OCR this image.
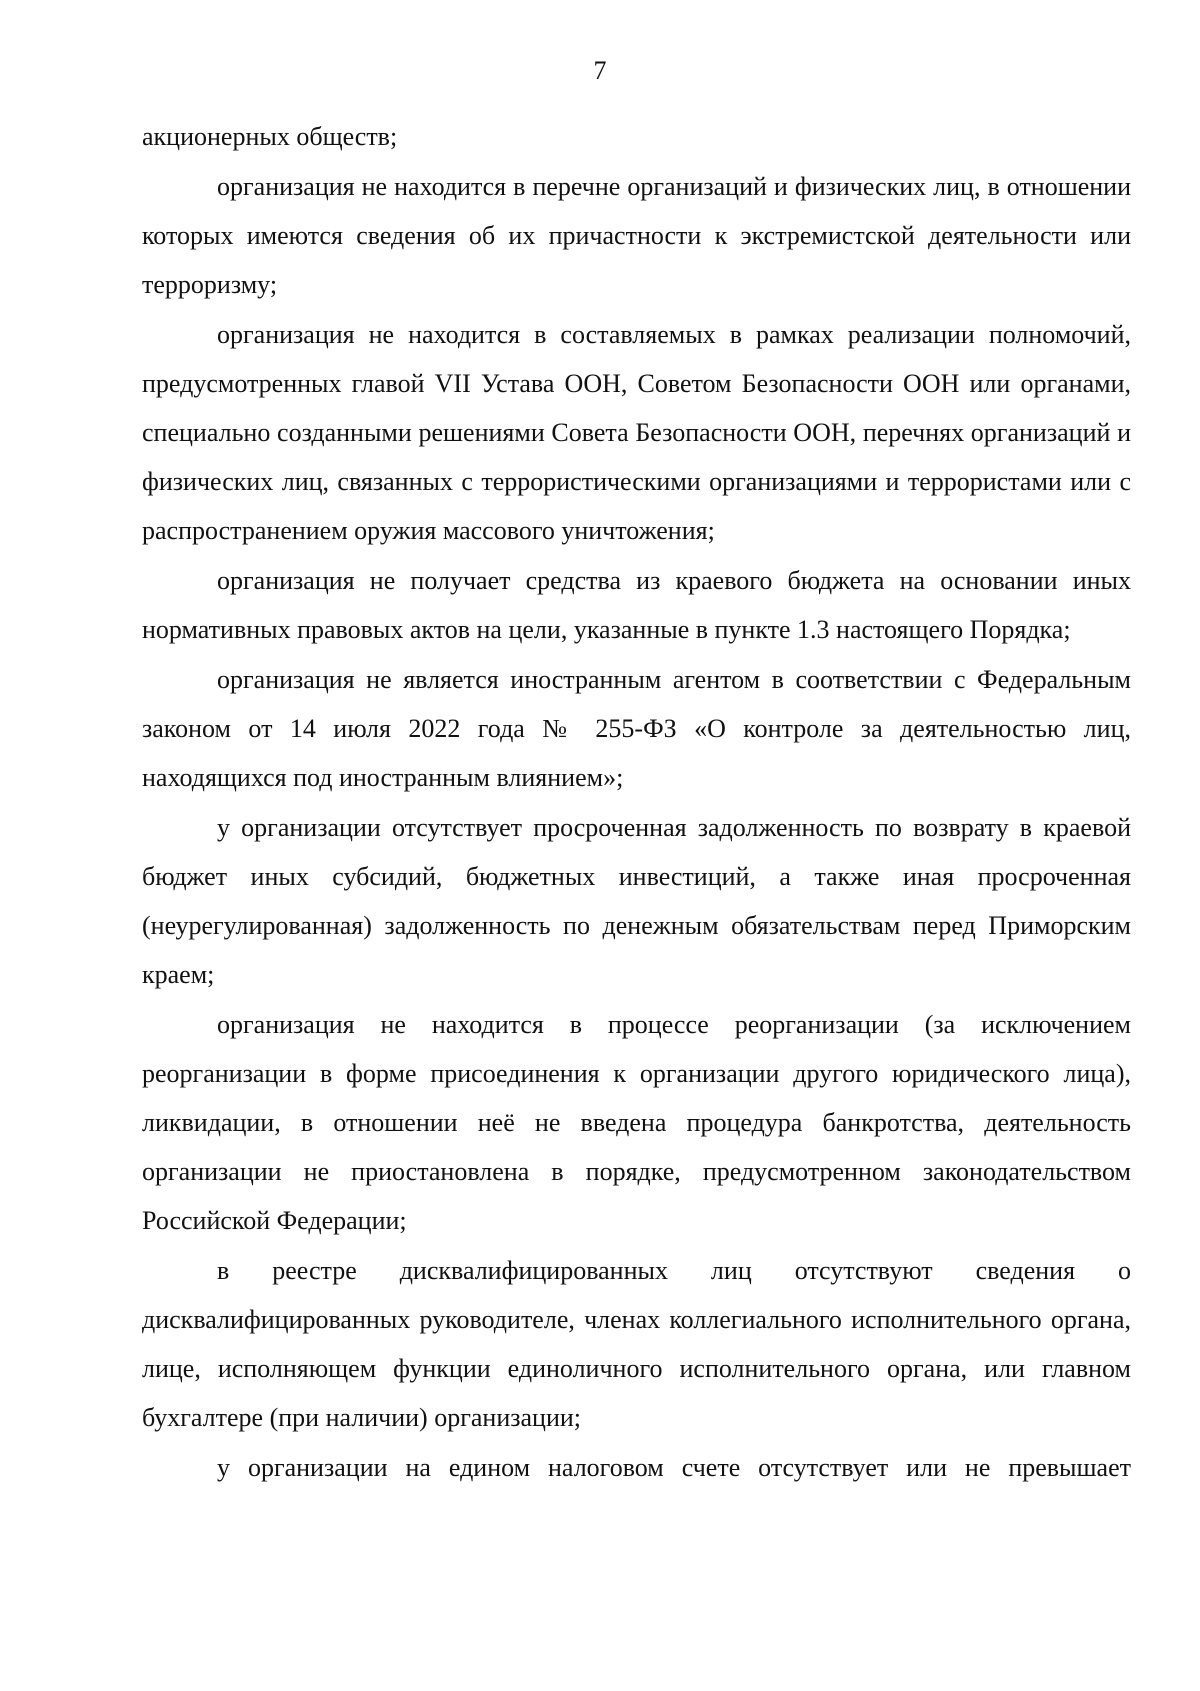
7

акционерных обществ;

организация не находится в перечне организаций и физических лиц, в отношении которых имеются сведения об их причастности к экстремистской деятельности или терроризму;

организация не находится в составляемых в рамках реализации полномочий, предусмотренных главой VII Устава ООН, Советом Безопасности ООН или органами, специально созданными решениями Совета Безопасности ООН, перечнях организаций и физических лиц, связанных с террористическими организациями и террористами или с распространением оружия массового уничтожения;

организация не получает средства из краевого бюджета на основании иных нормативных правовых актов на цели, указанные в пункте 1.3 настоящего Порядка;

организация не является иностранным агентом в соответствии с Федеральным законом от 14 июля 2022 года № 255-ФЗ «О контроле за деятельностью лиц, находящихся под иностранным влиянием»;

у организации отсутствует просроченная задолженность по возврату в краевой бюджет иных субсидий, бюджетных инвестиций, а также иная просроченная (неурегулированная) задолженность по денежным обязательствам перед Приморским краем;

организация не находится в процессе реорганизации (за исключением реорганизации в форме присоединения к организации другого юридического лица), ликвидации, в отношении неё не введена процедура банкротства, деятельность организации не приостановлена в порядке, предусмотренном законодательством Российской Федерации;

в реестре дисквалифицированных лиц отсутствуют сведения о дисквалифицированных руководителе, членах коллегиального исполнительного органа, лице, исполняющем функции единоличного исполнительного органа, или главном бухгалтере (при наличии) организации;

у организации на едином налоговом счете отсутствует или не превышает
